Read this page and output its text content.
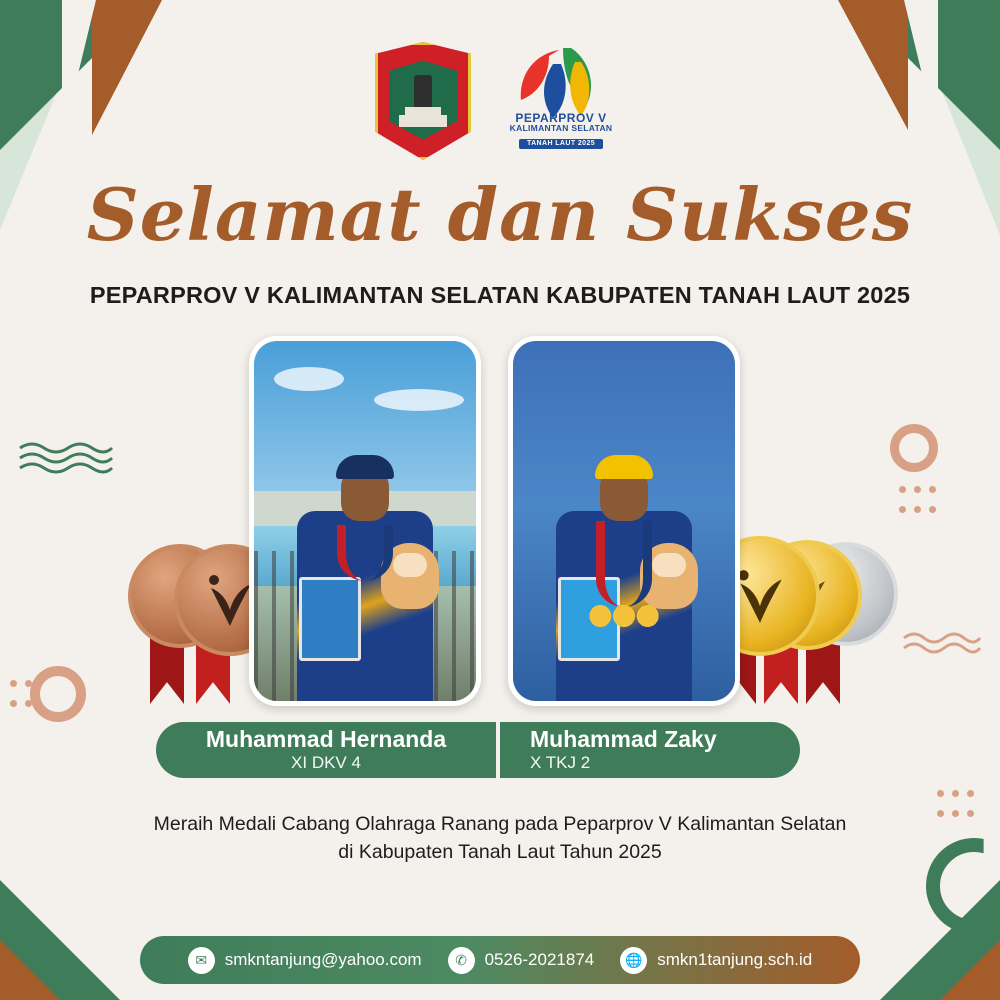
PEPARPROV V
KALIMANTAN SELATAN
TANAH LAUT 2025
Selamat dan Sukses
PEPARPROV V KALIMANTAN SELATAN KABUPATEN TANAH LAUT 2025
Muhammad Hernanda
XI DKV 4
Muhammad Zaky
X TKJ 2
Meraih Medali Cabang Olahraga Ranang pada Peparprov V Kalimantan Selatan
di Kabupaten Tanah Laut Tahun 2025
✉	smkntanjung@yahoo.com	✆	0526-2021874	🌐 smkn1tanjung.sch.id
